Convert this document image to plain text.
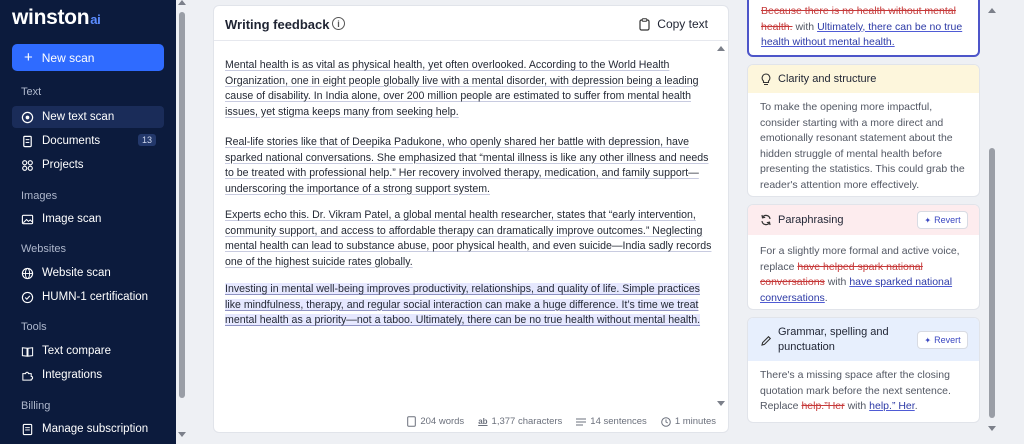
winstonai
+ New scan
Text
New text scan
Documents	13
Projects
Images
Image scan
Websites
Website scan
HUMN-1 certification
Tools
Text compare
Integrations
Billing
Manage subscription
Writing feedback i	Copy text
Mental health is as vital as physical health, yet often overlooked. According to the World Health Organization, one in eight people globally live with a mental disorder, with depression being a leading cause of disability. In India alone, over 200 million people are estimated to suffer from mental health issues, yet stigma keeps many from seeking help.
Real-life stories like that of Deepika Padukone, who openly shared her battle with depression, have sparked national conversations. She emphasized that “mental illness is like any other illness and needs to be treated with professional help.” Her recovery involved therapy, medication, and family support—underscoring the importance of a strong support system.
Experts echo this. Dr. Vikram Patel, a global mental health researcher, states that “early intervention, community support, and access to affordable therapy can dramatically improve outcomes.” Neglecting mental health can lead to substance abuse, poor physical health, and even suicide—India sadly records one of the highest suicide rates globally.
Investing in mental well-being improves productivity, relationships, and quality of life. Simple practices like mindfulness, therapy, and regular social interaction can make a huge difference. It’s time we treat mental health as a priority—not a taboo. Ultimately, there can be no true health without mental health.
204 words ab 1,377 characters	14 sentences	1 minutes
Because there is no health without mental health. with Ultimately, there can be no true health without mental health.
Clarity and structure
To make the opening more impactful, consider starting with a more direct and emotionally resonant statement about the hidden struggle of mental health before presenting the statistics. This could grab the reader's attention more effectively.
Paraphrasing	✦ Revert
For a slightly more formal and active voice, replace have helped spark national conversations with have sparked national conversations.
Grammar, spelling and punctuation
✦ Revert
There's a missing space after the closing quotation mark before the next sentence. Replace help.”Her with help.” Her.
